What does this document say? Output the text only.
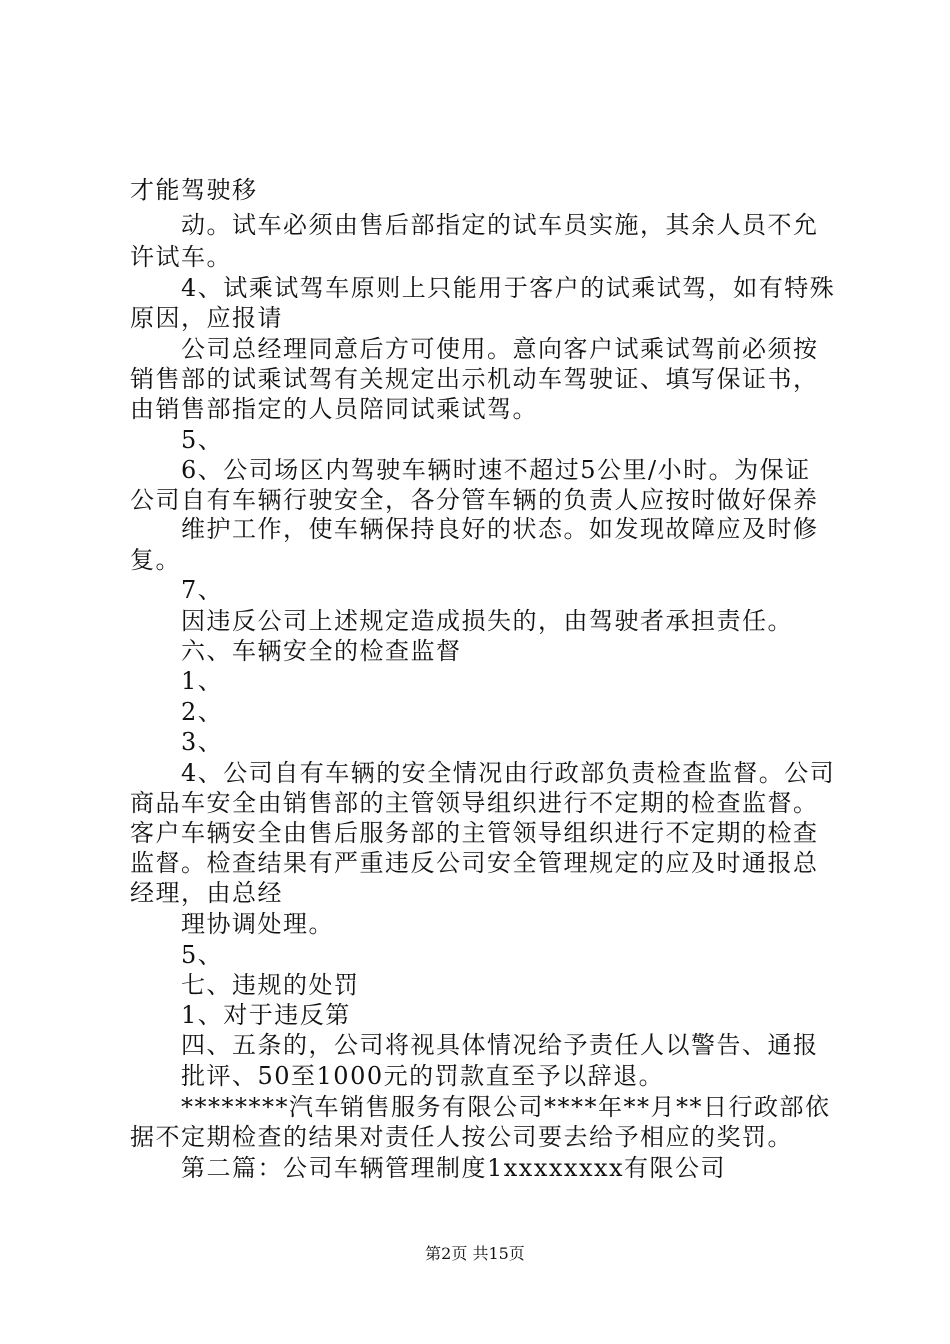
才能驾驶移
动。试车必须由售后部指定的试车员实施，其余人员不允
许试车。
4、试乘试驾车原则上只能用于客户的试乘试驾，如有特殊
原因，应报请
公司总经理同意后方可使用。意向客户试乘试驾前必须按
销售部的试乘试驾有关规定出示机动车驾驶证、填写保证书，
由销售部指定的人员陪同试乘试驾。
5、
6、公司场区内驾驶车辆时速不超过5公里/小时。为保证
公司自有车辆行驶安全，各分管车辆的负责人应按时做好保养
维护工作，使车辆保持良好的状态。如发现故障应及时修
复。
7、
因违反公司上述规定造成损失的，由驾驶者承担责任。
六、车辆安全的检查监督
1、
2、
3、
4、公司自有车辆的安全情况由行政部负责检查监督。公司
商品车安全由销售部的主管领导组织进行不定期的检查监督。
客户车辆安全由售后服务部的主管领导组织进行不定期的检查
监督。检查结果有严重违反公司安全管理规定的应及时通报总
经理，由总经
理协调处理。
5、
七、违规的处罚
1、对于违反第
四、五条的，公司将视具体情况给予责任人以警告、通报
批评、50至1000元的罚款直至予以辞退。
********汽车销售服务有限公司****年**月**日行政部依
据不定期检查的结果对责任人按公司要去给予相应的奖罚。
第二篇：公司车辆管理制度1xxxxxxxx有限公司
第2页 共15页
